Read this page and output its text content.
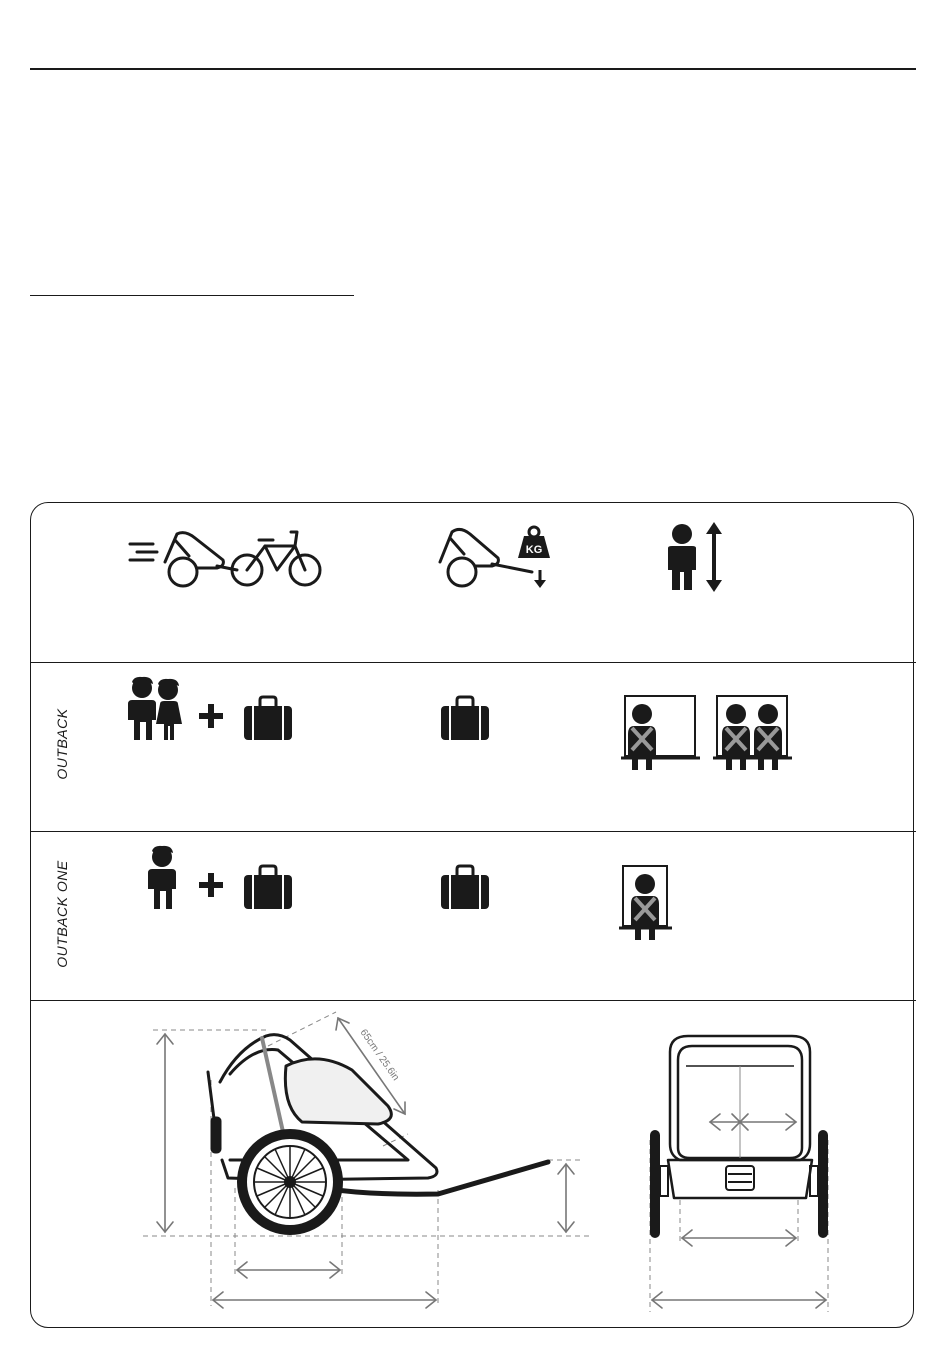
OUTBACK
OUTBACK ONE
KG
65cm / 25.6in
